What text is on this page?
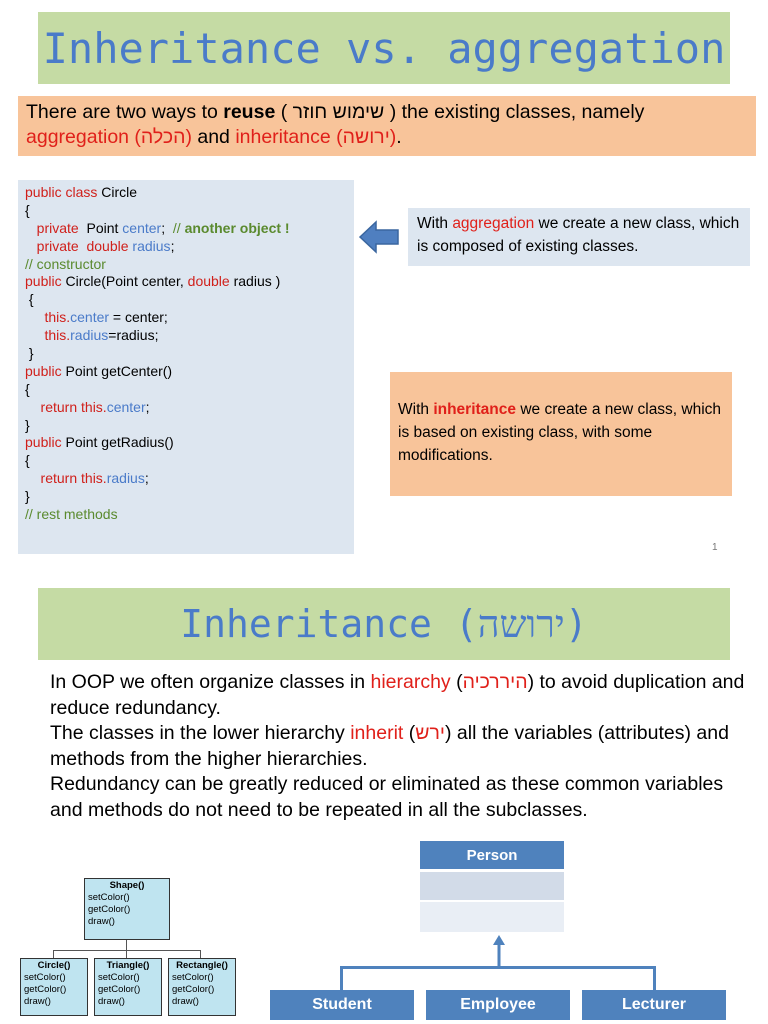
Inheritance vs. aggregation
There are two ways to reuse ( שימוש חוזר ) the existing classes, namely
aggregation (הכלה) and inheritance (ירושה).
public class Circle
{
private  Point center;  // another object !
private double radius;
// constructor
public Circle(Point center, double radius )
{
this.center = center;
this.radius=radius;
}
public Point getCenter()
{
return this.center;
}
public Point getRadius()
{
return this.radius;
}
// rest methods
With aggregation we create a new class, which is composed of existing classes.
With inheritance we create a new class, which is based on existing class, with some modifications.
1
Inheritance (ירושה)

In OOP we often organize classes in hierarchy (היררכיה) to avoid duplication and reduce redundancy.

The classes in the lower hierarchy inherit (ירש) all the variables (attributes) and methods from the higher hierarchies.

Redundancy can be greatly reduced or eliminated as these common variables and methods do not need to be repeated in all the subclasses.

Shape()
setColor()
getColor()
draw()
Circle()
setColor()
getColor()
draw()
Triangle()
setColor()
getColor()
draw()
Rectangle()
setColor()
getColor()
draw()
Person
Student	Employee	Lecturer
